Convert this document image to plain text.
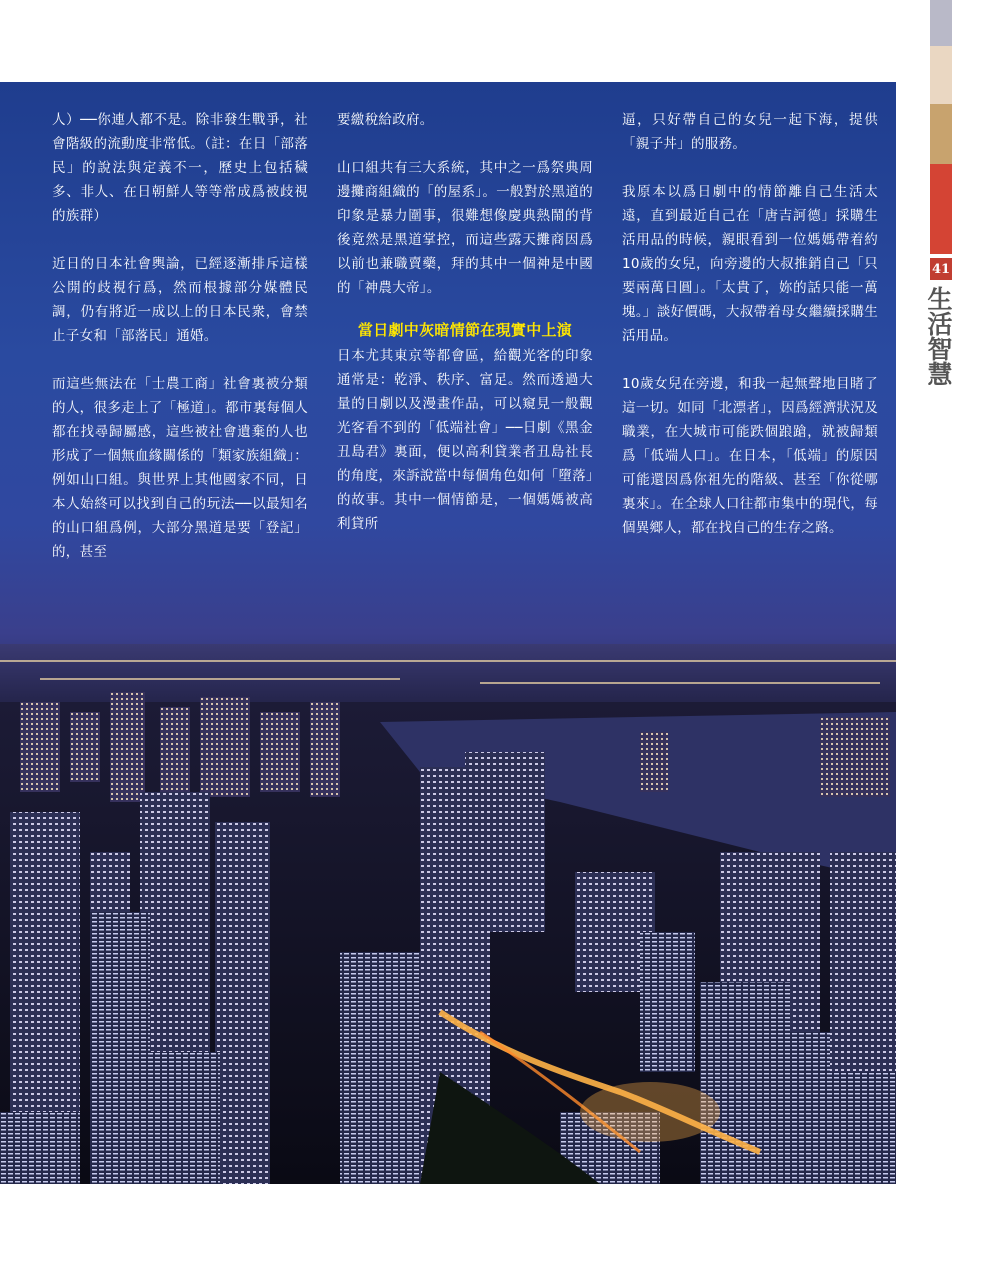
41
生活智慧

人）──你連人都不是。除非發生戰爭，社會階級的流動度非常低。（註：在日「部落民」的說法與定義不一，歷史上包括穢多、非人、在日朝鮮人等等常成爲被歧視的族群）

近日的日本社會輿論，已經逐漸排斥這樣公開的歧視行爲，然而根據部分媒體民調，仍有將近一成以上的日本民衆，會禁止子女和「部落民」通婚。

而這些無法在「士農工商」社會裏被分類的人，很多走上了「極道」。都市裏每個人都在找尋歸屬感，這些被社會遺棄的人也形成了一個無血緣關係的「類家族組織」：例如山口組。與世界上其他國家不同，日本人始終可以找到自己的玩法──以最知名的山口組爲例，大部分黑道是要「登記」的，甚至

要繳稅給政府。

山口組共有三大系統，其中之一爲祭典周邊攤商組織的「的屋系」。一般對於黑道的印象是暴力圍事，很難想像慶典熱鬧的背後竟然是黑道掌控，而這些露天攤商因爲以前也兼職賣藥，拜的其中一個神是中國的「神農大帝」。

當日劇中灰暗情節在現實中上演

日本尤其東京等都會區，給觀光客的印象通常是：乾淨、秩序、富足。然而透過大量的日劇以及漫畫作品，可以窺見一般觀光客看不到的「低端社會」──日劇《黑金丑島君》裏面，便以高利貸業者丑島社長的角度，來訴說當中每個角色如何「墮落」的故事。其中一個情節是，一個媽媽被高利貸所

逼，只好帶自己的女兒一起下海，提供「親子丼」的服務。

我原本以爲日劇中的情節離自己生活太遠，直到最近自己在「唐吉訶德」採購生活用品的時候，親眼看到一位媽媽帶着約10歲的女兒，向旁邊的大叔推銷自己「只要兩萬日圓」。「太貴了，妳的話只能一萬塊。」談好價碼，大叔帶着母女繼續採購生活用品。

10歲女兒在旁邊，和我一起無聲地目睹了這一切。如同「北漂者」，因爲經濟狀況及職業，在大城市可能跌個踉蹌，就被歸類爲「低端人口」。在日本，「低端」的原因可能還因爲你祖先的階級、甚至「你從哪裏來」。在全球人口往都市集中的現代，每個異鄉人，都在找自己的生存之路。
